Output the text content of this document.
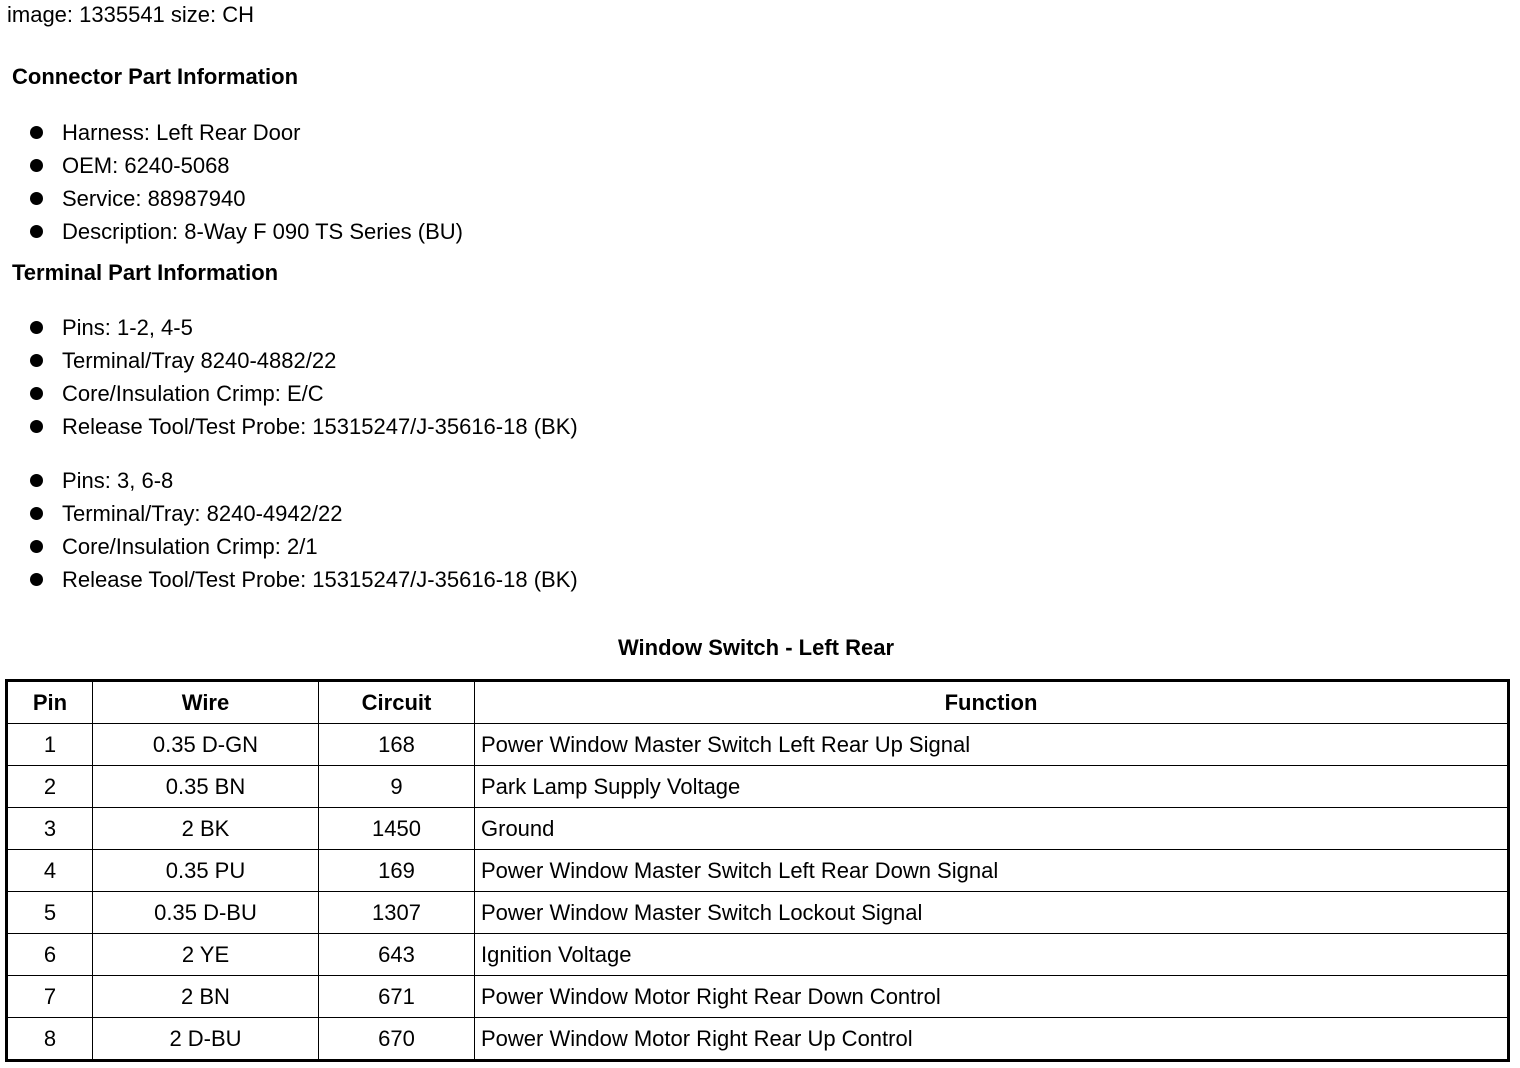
image: 1335541 size: CH
Connector Part Information
Harness: Left Rear Door
OEM: 6240-5068
Service: 88987940
Description: 8-Way F 090 TS Series (BU)
Terminal Part Information
Pins: 1-2, 4-5
Terminal/Tray 8240-4882/22
Core/Insulation Crimp: E/C
Release Tool/Test Probe: 15315247/J-35616-18 (BK)
Pins: 3, 6-8
Terminal/Tray: 8240-4942/22
Core/Insulation Crimp: 2/1
Release Tool/Test Probe: 15315247/J-35616-18 (BK)
Window Switch - Left Rear
Pin	Wire	Circuit	Function
1	0.35 D-GN	168	Power Window Master Switch Left Rear Up Signal
2	0.35 BN	9	Park Lamp Supply Voltage
3	2 BK	1450	Ground
4	0.35 PU	169	Power Window Master Switch Left Rear Down Signal
5	0.35 D-BU	1307	Power Window Master Switch Lockout Signal
6	2 YE	643	Ignition Voltage
7	2 BN	671	Power Window Motor Right Rear Down Control
8	2 D-BU	670	Power Window Motor Right Rear Up Control
